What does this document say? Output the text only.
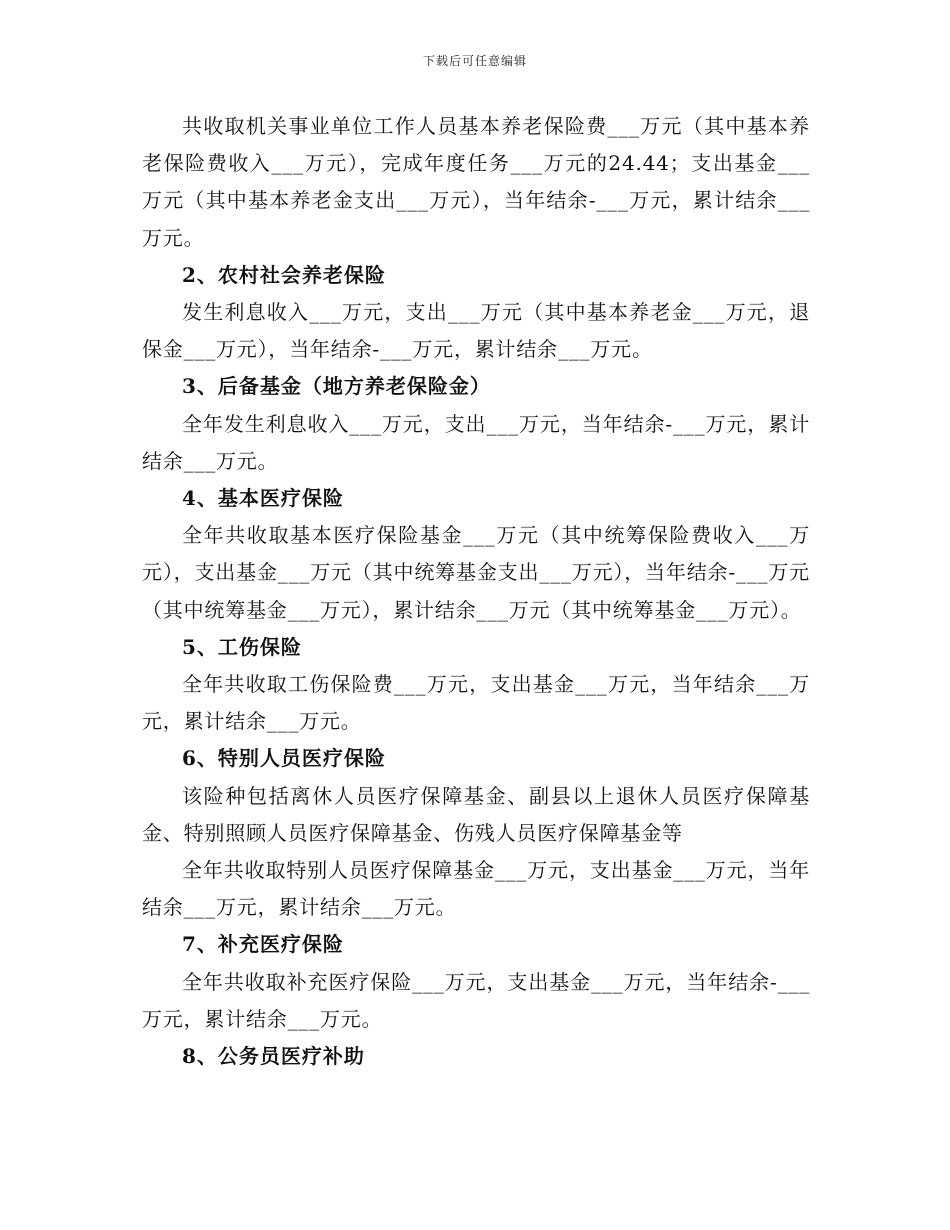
下载后可任意编辑

共收取机关事业单位工作人员基本养老保险费___万元（其中基本养老保险费收入___万元），完成年度任务___万元的24.44；支出基金___万元（其中基本养老金支出___万元），当年结余-___万元，累计结余___万元。

2、农村社会养老保险

发生利息收入___万元，支出___万元（其中基本养老金___万元，退保金___万元），当年结余-___万元，累计结余___万元。

3、后备基金（地方养老保险金）

全年发生利息收入___万元，支出___万元，当年结余-___万元，累计结余___万元。

4、基本医疗保险

全年共收取基本医疗保险基金___万元（其中统筹保险费收入___万元），支出基金___万元（其中统筹基金支出___万元），当年结余-___万元（其中统筹基金___万元），累计结余___万元（其中统筹基金___万元）。

5、工伤保险

全年共收取工伤保险费___万元，支出基金___万元，当年结余___万元，累计结余___万元。

6、特别人员医疗保险

该险种包括离休人员医疗保障基金、副县以上退休人员医疗保障基金、特别照顾人员医疗保障基金、伤残人员医疗保障基金等

全年共收取特别人员医疗保障基金___万元，支出基金___万元，当年结余___万元，累计结余___万元。

7、补充医疗保险

全年共收取补充医疗保险___万元，支出基金___万元，当年结余-___万元，累计结余___万元。

8、公务员医疗补助
